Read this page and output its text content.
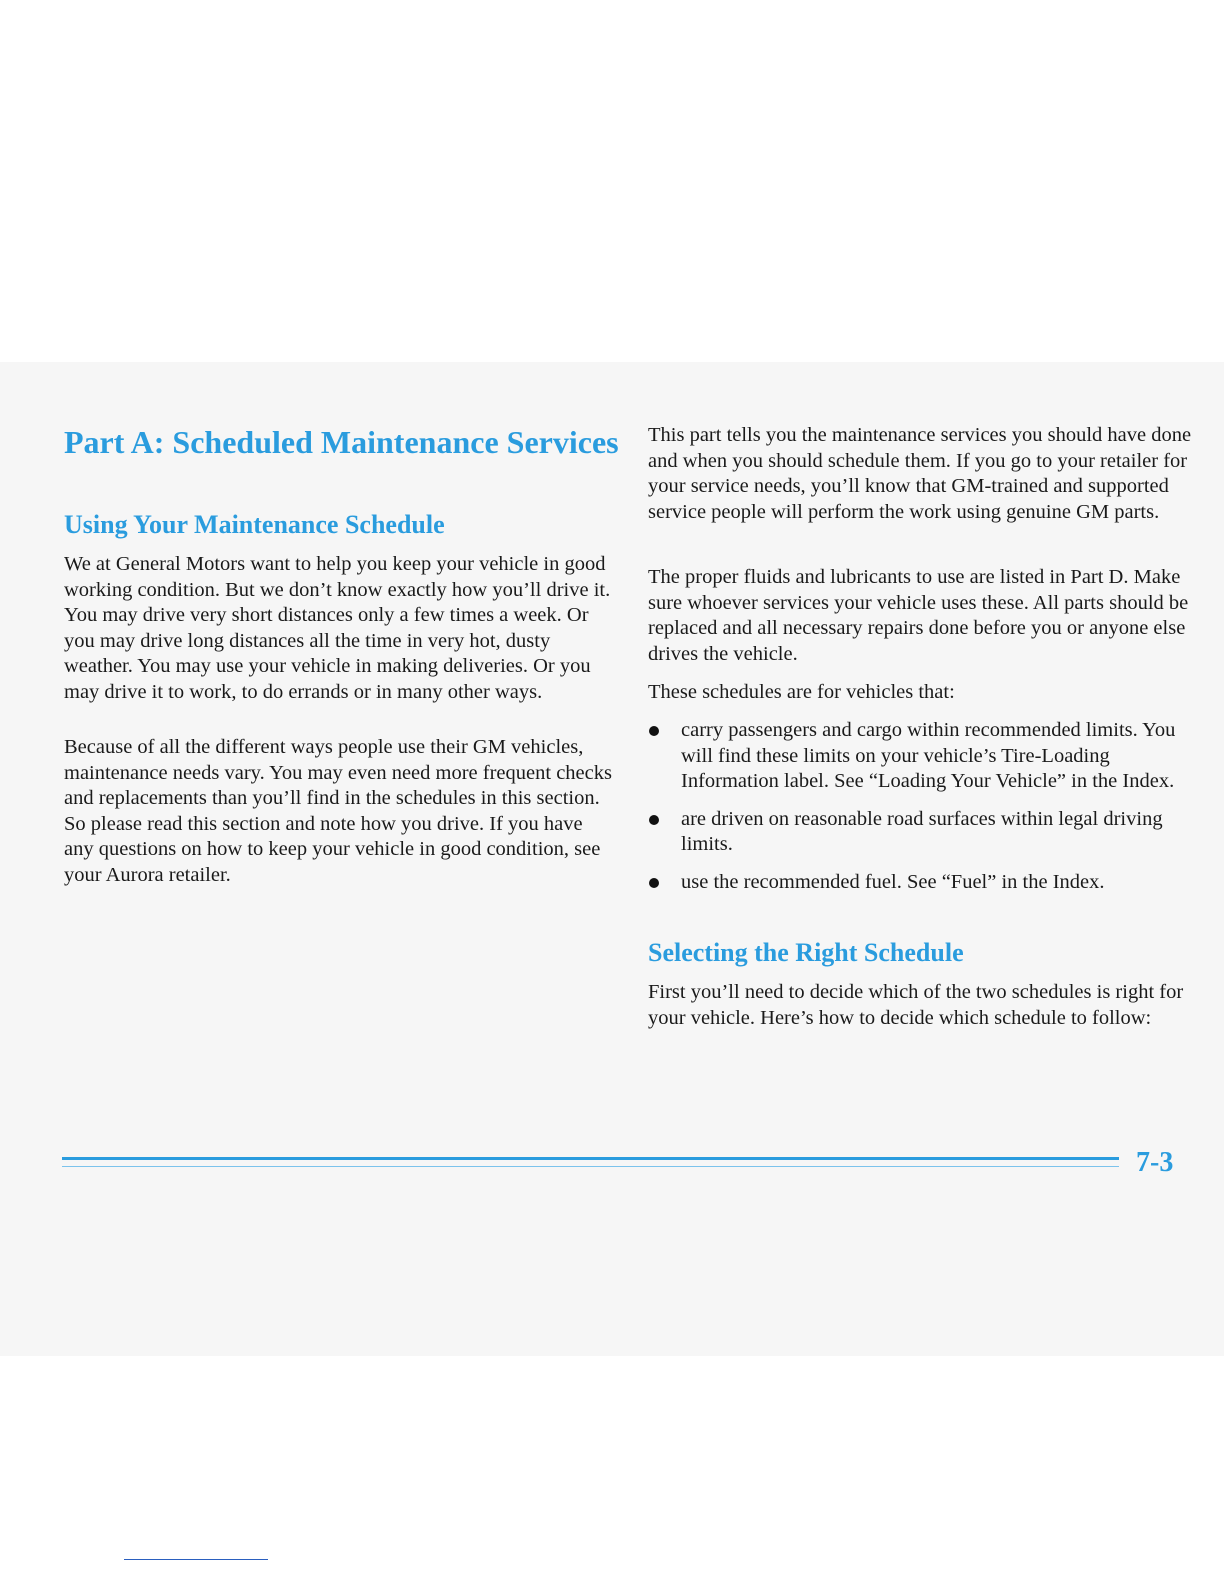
Part A: Scheduled Maintenance Services
Using Your Maintenance Schedule

We at General Motors want to help you keep your vehicle in good working condition. But we don’t know exactly how you’ll drive it. You may drive very short distances only a few times a week. Or you may drive long distances all the time in very hot, dusty weather. You may use your vehicle in making deliveries. Or you may drive it to work, to do errands or in many other ways.

Because of all the different ways people use their GM vehicles, maintenance needs vary. You may even need more frequent checks and replacements than you’ll find in the schedules in this section. So please read this section and note how you drive. If you have any questions on how to keep your vehicle in good condition, see your Aurora retailer.

This part tells you the maintenance services you should have done and when you should schedule them. If you go to your retailer for your service needs, you’ll know that GM-trained and supported service people will perform the work using genuine GM parts.

The proper fluids and lubricants to use are listed in Part D. Make sure whoever services your vehicle uses these. All parts should be replaced and all necessary repairs done before you or anyone else drives the vehicle.

These schedules are for vehicles that:

carry passengers and cargo within recommended limits. You will find these limits on your vehicle’s Tire-Loading Information label. See “Loading Your Vehicle” in the Index.
are driven on reasonable road surfaces within legal driving limits.
use the recommended fuel. See “Fuel” in the Index.
Selecting the Right Schedule

First you’ll need to decide which of the two schedules is right for your vehicle. Here’s how to decide which schedule to follow:

7-3
